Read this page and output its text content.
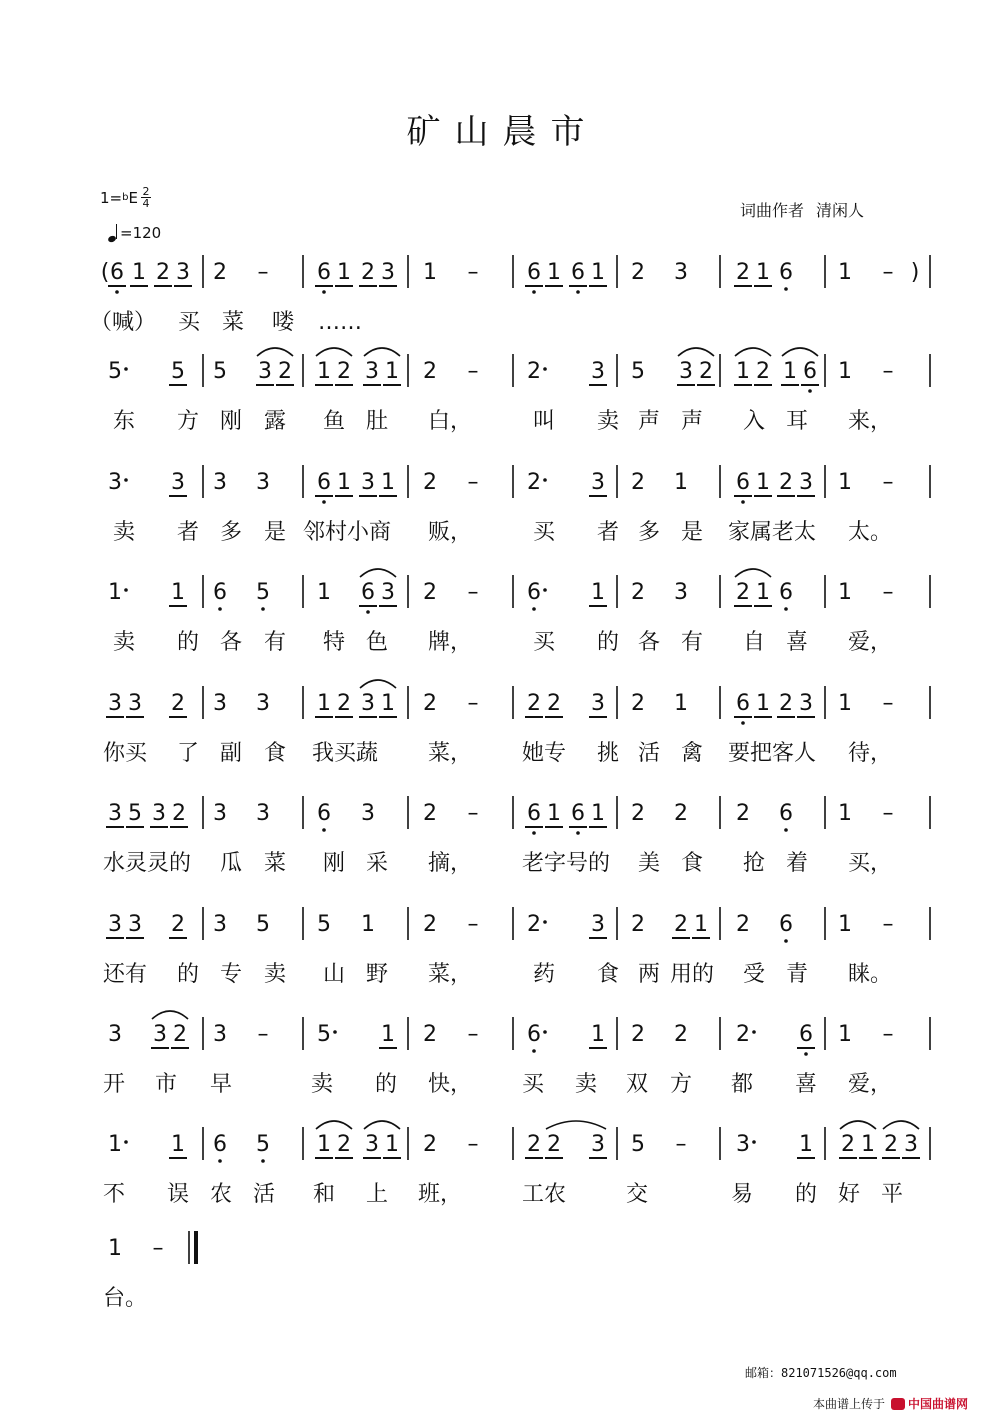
矿山晨市
1= b E $\frac{2}{4}$
=120
词曲作者 清闲人
( 6 1 2 3 2 – 6 1 2 3 1 – 6 1 6 1 2 3 2 1 6 1 – )
（喊） 买 菜 喽 ……
5 5 5 3 2 1 2 3 1 2 – 2 3 5 3 2 1 2 1 6 1 –
东 方 刚 露 鱼 肚 白，	叫 卖 声 声 入 耳 来，
3 3 3 3 6 1 3 1 2 – 2 3 2 1 6 1 2 3 1 –
卖 者 多 是 邻村小商 贩，	买 者 多 是 家属老太 太。
1 1 6 5 1 6 3 2 – 6 1 2 3 2 1 6 1 –
卖 的 各 有 特 色 牌，	买 的 各 有 自 喜 爱，
3 3 2 3 3 1 2 3 1 2 – 2 2 3 2 1 6 1 2 3 1 –
你买 了 副 食 我买蔬 菜， 她专 挑 活 禽 要把客人 待，
3 5 3 2 3 3 6 3 2 – 6 1 6 1 2 2 2 6 1 –
水灵灵的 瓜 菜 刚 采 摘， 老字号的 美 食 抢 着 买，
3 3 2 3 5 5 1 2 – 2 3 2 2 1 2 6 1 –
还有 的 专 卖 山 野 菜，	药 食 两 用的 受 青 睐。
3 3 2 3 – 5 1 2 – 6 1 2 2 2 6 1 –
开 市 早	卖 的 快， 买 卖 双 方 都 喜 爱，
1 1 6 5 1 2 3 1 2 – 2 2 3 5 – 3 1 2 1 2 3
不 误 农 活 和 上 班，	工农	交	易 的 好 平
1 –
台。
邮箱：821071526@qq.com
本曲谱上传于 中国曲谱网
